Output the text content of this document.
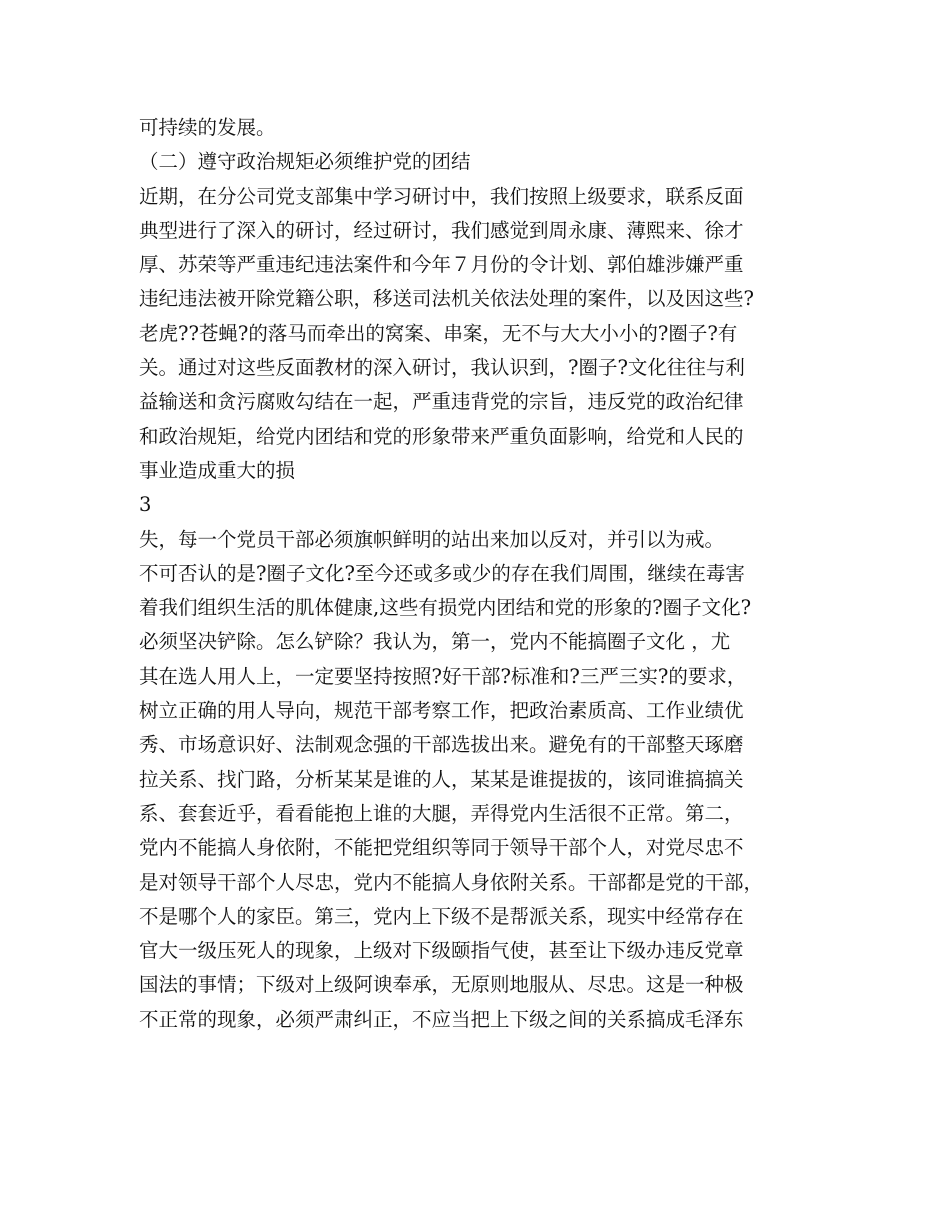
可持续的发展。

（二）遵守政治规矩必须维护党的团结

近期，在分公司党支部集中学习研讨中，我们按照上级要求，联系反面

典型进行了深入的研讨，经过研讨，我们感觉到周永康、薄熙来、徐才

厚、苏荣等严重违纪违法案件和今年７月份的令计划、郭伯雄涉嫌严重

违纪违法被开除党籍公职，移送司法机关依法处理的案件，以及因这些?

老虎??苍蝇?的落马而牵出的窝案、串案，无不与大大小小的?圈子?有

关。通过对这些反面教材的深入研讨，我认识到，?圈子?文化往往与利

益输送和贪污腐败勾结在一起，严重违背党的宗旨，违反党的政治纪律

和政治规矩，给党内团结和党的形象带来严重负面影响，给党和人民的

事业造成重大的损

3

失，每一个党员干部必须旗帜鲜明的站出来加以反对，并引以为戒。

不可否认的是?圈子文化?至今还或多或少的存在我们周围，继续在毒害

着我们组织生活的肌体健康,这些有损党内团结和党的形象的?圈子文化?

必须坚决铲除。怎么铲除？我认为，第一，党内不能搞圈子文化 ，尤

其在选人用人上，一定要坚持按照?好干部?标准和?三严三实?的要求，

树立正确的用人导向，规范干部考察工作，把政治素质高、工作业绩优

秀、市场意识好、法制观念强的干部选拔出来。避免有的干部整天琢磨

拉关系、找门路，分析某某是谁的人，某某是谁提拔的，该同谁搞搞关

系、套套近乎，看看能抱上谁的大腿，弄得党内生活很不正常。第二，

党内不能搞人身依附，不能把党组织等同于领导干部个人，对党尽忠不

是对领导干部个人尽忠，党内不能搞人身依附关系。干部都是党的干部，

不是哪个人的家臣。第三，党内上下级不是帮派关系，现实中经常存在

官大一级压死人的现象，上级对下级颐指气使，甚至让下级办违反党章

国法的事情；下级对上级阿谀奉承，无原则地服从、尽忠。这是一种极

不正常的现象，必须严肃纠正，不应当把上下级之间的关系搞成毛泽东
